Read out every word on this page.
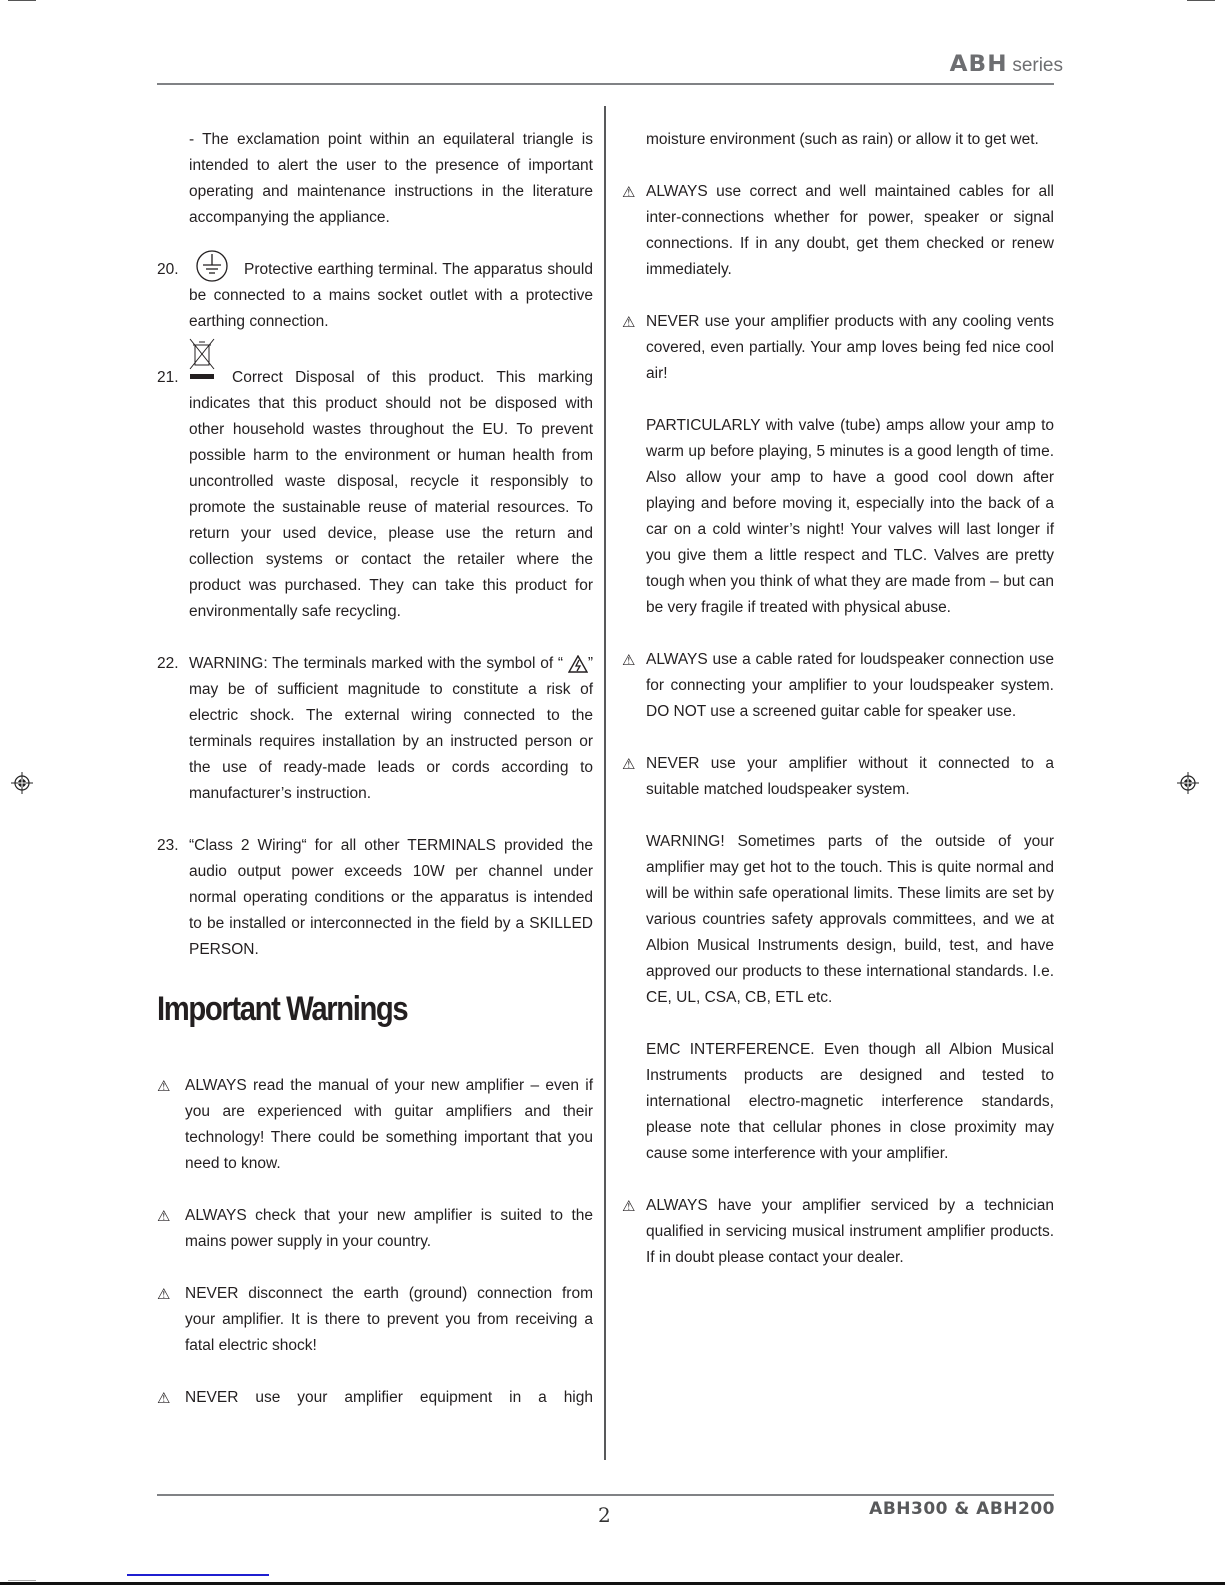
ABH series

- The exclamation point within an equilateral triangle is intended to alert the user to the presence of important operating and maintenance instructions in the literature accompanying the appliance.

20.	Protective earthing terminal. The apparatus should be connected to a mains socket outlet with a protective earthing connection.
21.	Correct Disposal of this product. This marking indicates that this product should not be disposed with other household wastes throughout the EU. To prevent possible harm to the environment or human health from uncontrolled waste disposal, recycle it responsibly to promote the sustainable reuse of material resources. To return your used device, please use the return and collection systems or contact the retailer where the product was purchased. They can take this product for environmentally safe recycling.
22. WARNING: The terminals marked with the symbol of “ ” may be of sufficient magnitude to constitute a risk of electric shock. The external wiring connected to the terminals requires installation by an instructed person or the use of ready-made leads or cords according to manufacturer’s instruction.
23. “Class 2 Wiring“ for all other TERMINALS provided the audio output power exceeds 10W per channel under normal operating conditions or the apparatus is intended to be installed or interconnected in the field by a SKILLED PERSON.
Important Warnings
⚠ ALWAYS read the manual of your new amplifier – even if you are experienced with guitar amplifiers and their technology! There could be something important that you need to know.
⚠ ALWAYS check that your new amplifier is suited to the mains power supply in your country.
⚠ NEVER disconnect the earth (ground) connection from your amplifier. It is there to prevent you from receiving a fatal electric shock!
⚠ NEVER use your amplifier equipment in a high

moisture environment (such as rain) or allow it to get wet.

⚠ ALWAYS use correct and well maintained cables for all inter-connections whether for power, speaker or signal connections. If in any doubt, get them checked or renew immediately.
⚠ NEVER use your amplifier products with any cooling vents covered, even partially. Your amp loves being fed nice cool air!
PARTICULARLY with valve (tube) amps allow your amp to warm up before playing, 5 minutes is a good length of time. Also allow your amp to have a good cool down after playing and before moving it, especially into the back of a car on a cold winter’s night! Your valves will last longer if you give them a little respect and TLC. Valves are pretty tough when you think of what they are made from – but can be very fragile if treated with physical abuse.
⚠ ALWAYS use a cable rated for loudspeaker connection use for connecting your amplifier to your loudspeaker system. DO NOT use a screened guitar cable for speaker use.
⚠ NEVER use your amplifier without it connected to a suitable matched loudspeaker system.
WARNING! Sometimes parts of the outside of your amplifier may get hot to the touch. This is quite normal and will be within safe operational limits. These limits are set by various countries safety approvals committees, and we at Albion Musical Instruments design, build, test, and have approved our products to these international standards. I.e. CE, UL, CSA, CB, ETL etc.
EMC INTERFERENCE. Even though all Albion Musical Instruments products are designed and tested to international electro-magnetic interference standards, please note that cellular phones in close proximity may cause some interference with your amplifier.
⚠ ALWAYS have your amplifier serviced by a technician qualified in servicing musical instrument amplifier products. If in doubt please contact your dealer.
2	ABH300 & ABH200
